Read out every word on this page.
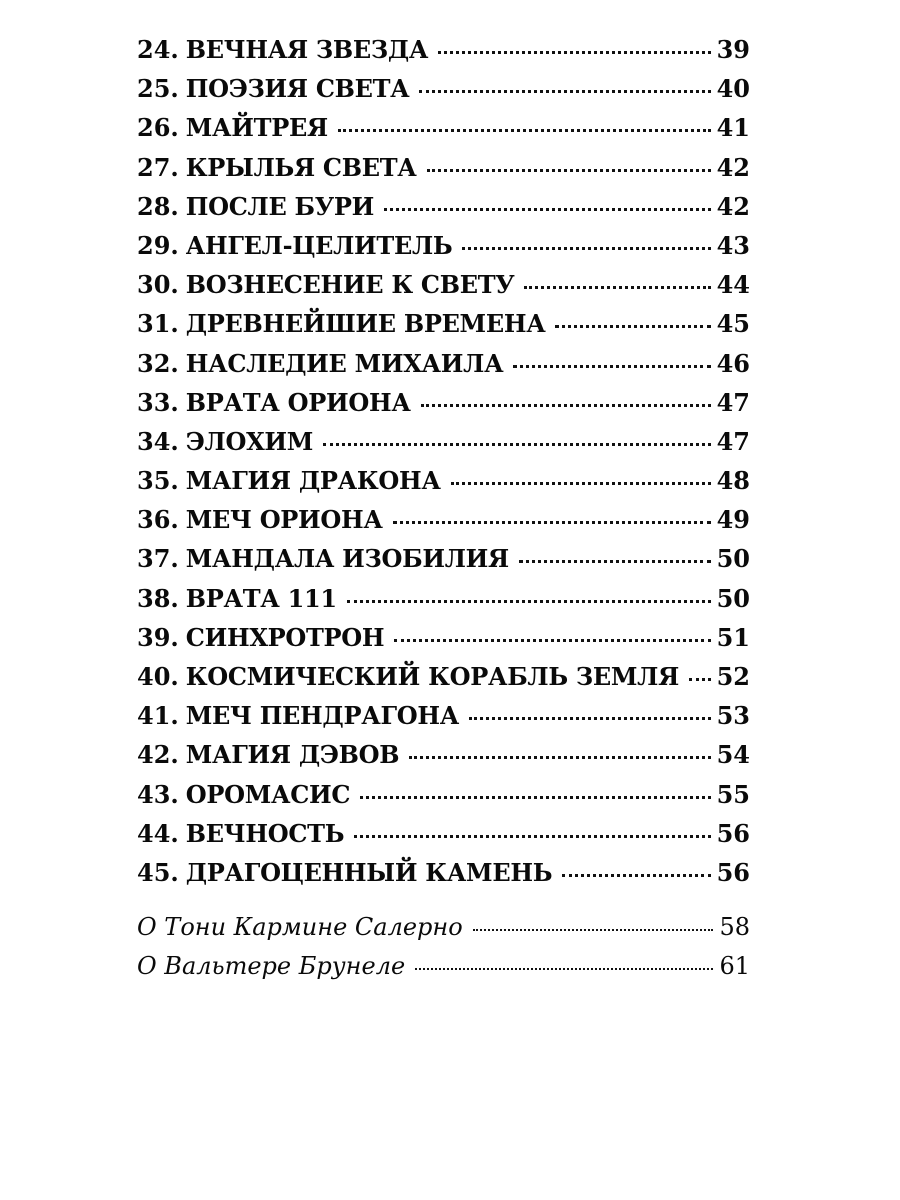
24. ВЕЧНАЯ ЗВЕЗДА	39
25. ПОЭЗИЯ СВЕТА	40
26. МАЙТРЕЯ	41
27. КРЫЛЬЯ СВЕТА	42
28. ПОСЛЕ БУРИ	42
29. АНГЕЛ-ЦЕЛИТЕЛЬ	43
30. ВОЗНЕСЕНИЕ К СВЕТУ	44
31. ДРЕВНЕЙШИЕ ВРЕМЕНА	45
32. НАСЛЕДИЕ МИХАИЛА	46
33. ВРАТА ОРИОНА	47
34. ЭЛОХИМ	47
35. МАГИЯ ДРАКОНА	48
36. МЕЧ ОРИОНА	49
37. МАНДАЛА ИЗОБИЛИЯ	50
38. ВРАТА 111	50
39. СИНХРОТРОН	51
40. КОСМИЧЕСКИЙ КОРАБЛЬ ЗЕМЛЯ 52
41. МЕЧ ПЕНДРАГОНА	53
42. МАГИЯ ДЭВОВ	54
43. ОРОМАСИС	55
44. ВЕЧНОСТЬ	56
45. ДРАГОЦЕННЫЙ КАМЕНЬ	56
О Тони Кармине Салерно	58
О Вальтере Брунеле	61
